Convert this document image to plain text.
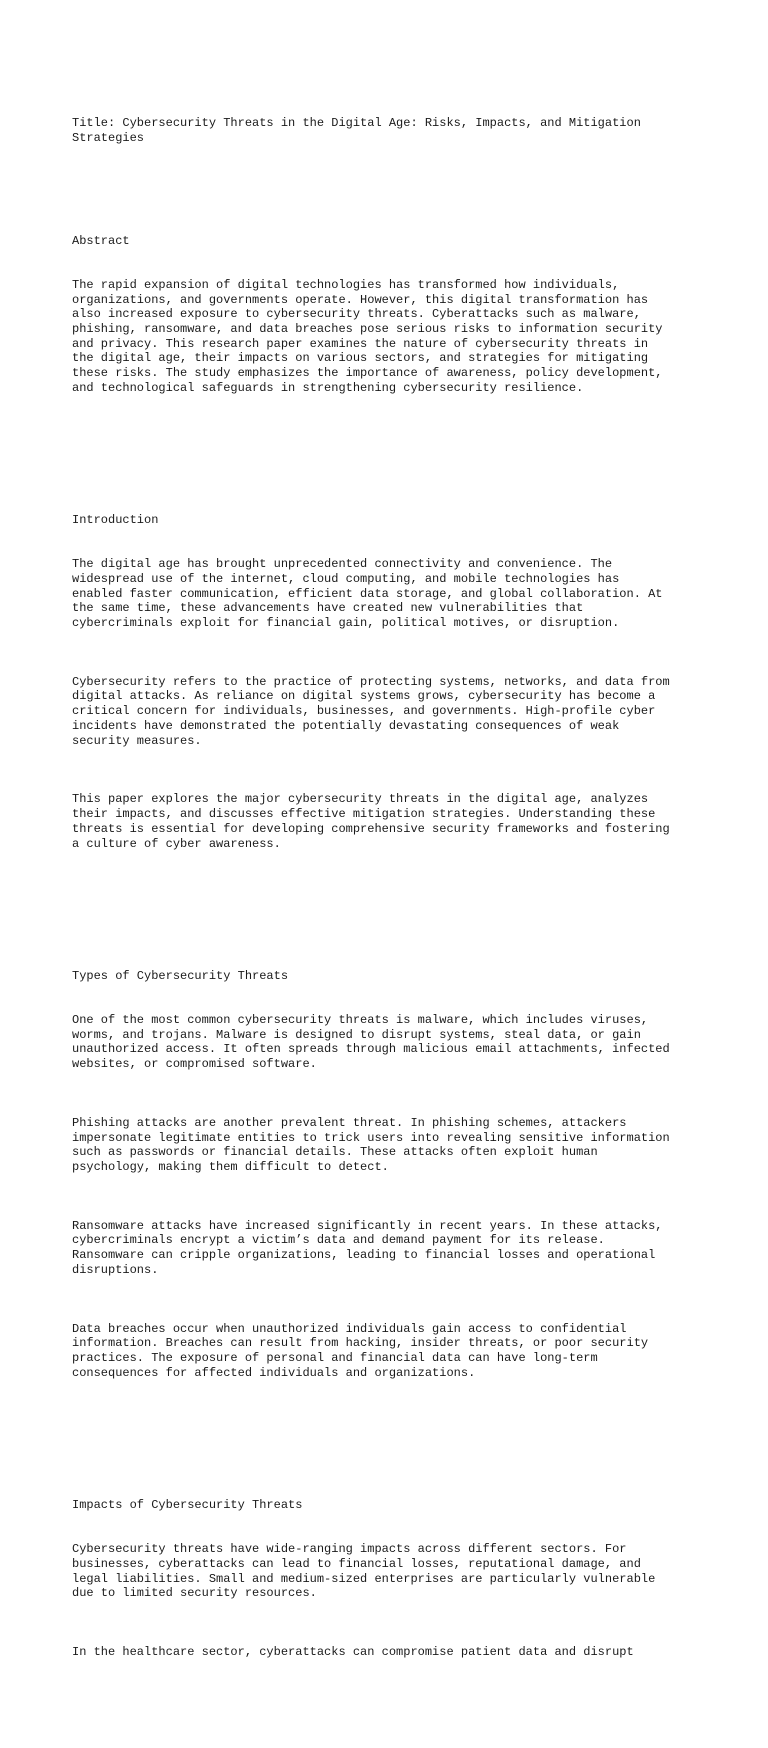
Title: Cybersecurity Threats in the Digital Age: Risks, Impacts, and Mitigation
Strategies

Abstract

The rapid expansion of digital technologies has transformed how individuals,
organizations, and governments operate. However, this digital transformation has
also increased exposure to cybersecurity threats. Cyberattacks such as malware,
phishing, ransomware, and data breaches pose serious risks to information security
and privacy. This research paper examines the nature of cybersecurity threats in
the digital age, their impacts on various sectors, and strategies for mitigating
these risks. The study emphasizes the importance of awareness, policy development,
and technological safeguards in strengthening cybersecurity resilience.

Introduction

The digital age has brought unprecedented connectivity and convenience. The
widespread use of the internet, cloud computing, and mobile technologies has
enabled faster communication, efficient data storage, and global collaboration. At
the same time, these advancements have created new vulnerabilities that
cybercriminals exploit for financial gain, political motives, or disruption.

Cybersecurity refers to the practice of protecting systems, networks, and data from
digital attacks. As reliance on digital systems grows, cybersecurity has become a
critical concern for individuals, businesses, and governments. High-profile cyber
incidents have demonstrated the potentially devastating consequences of weak
security measures.

This paper explores the major cybersecurity threats in the digital age, analyzes
their impacts, and discusses effective mitigation strategies. Understanding these
threats is essential for developing comprehensive security frameworks and fostering
a culture of cyber awareness.

Types of Cybersecurity Threats

One of the most common cybersecurity threats is malware, which includes viruses,
worms, and trojans. Malware is designed to disrupt systems, steal data, or gain
unauthorized access. It often spreads through malicious email attachments, infected
websites, or compromised software.

Phishing attacks are another prevalent threat. In phishing schemes, attackers
impersonate legitimate entities to trick users into revealing sensitive information
such as passwords or financial details. These attacks often exploit human
psychology, making them difficult to detect.

Ransomware attacks have increased significantly in recent years. In these attacks,
cybercriminals encrypt a victim’s data and demand payment for its release.
Ransomware can cripple organizations, leading to financial losses and operational
disruptions.

Data breaches occur when unauthorized individuals gain access to confidential
information. Breaches can result from hacking, insider threats, or poor security
practices. The exposure of personal and financial data can have long-term
consequences for affected individuals and organizations.

Impacts of Cybersecurity Threats

Cybersecurity threats have wide-ranging impacts across different sectors. For
businesses, cyberattacks can lead to financial losses, reputational damage, and
legal liabilities. Small and medium-sized enterprises are particularly vulnerable
due to limited security resources.

In the healthcare sector, cyberattacks can compromise patient data and disrupt
